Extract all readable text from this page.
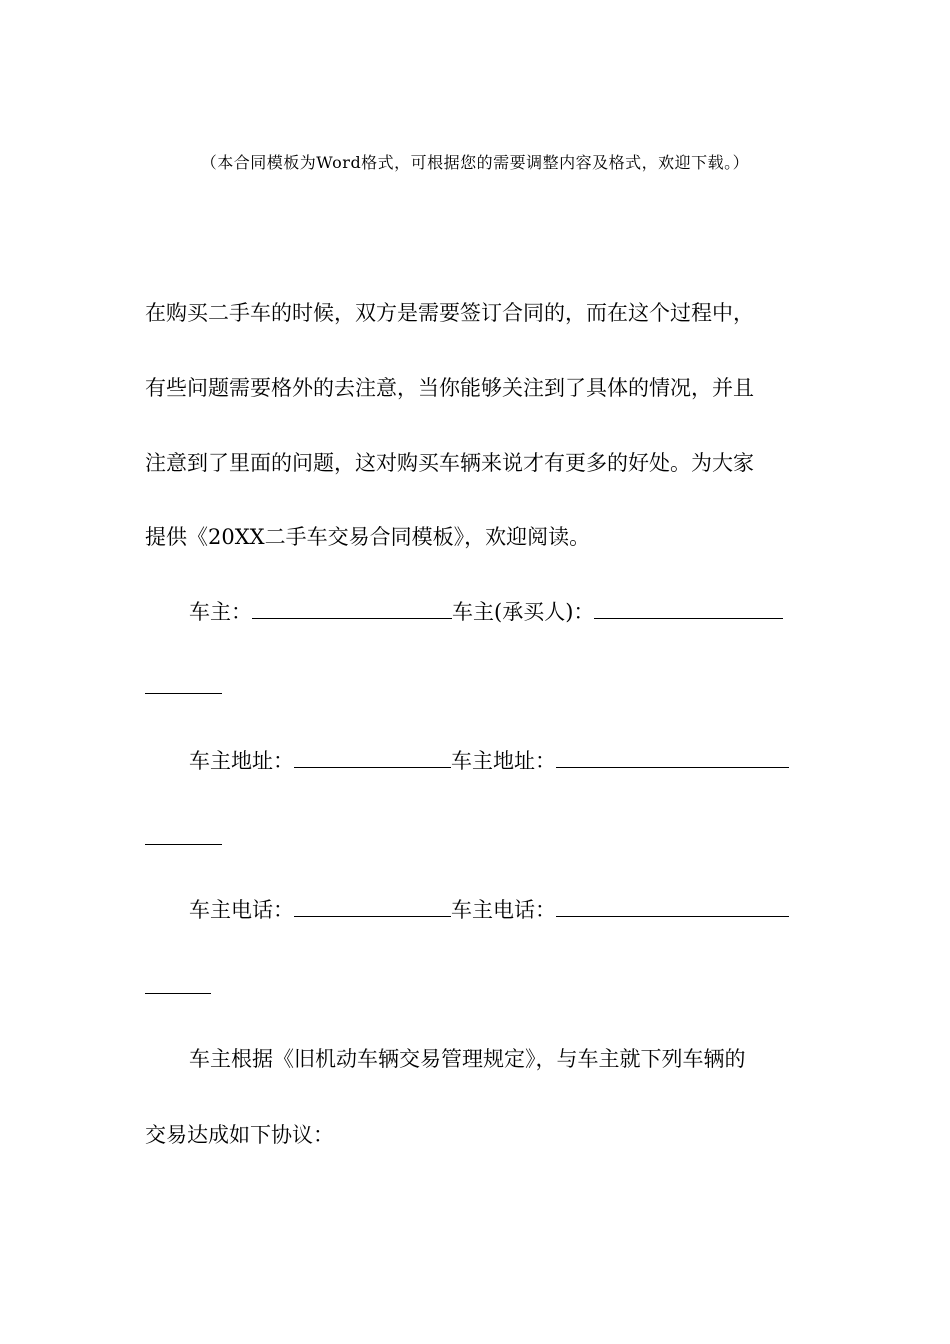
（本合同模板为Word格式，可根据您的需要调整内容及格式，欢迎下载。）
在购买二手车的时候，双方是需要签订合同的，而在这个过程中，
有些问题需要格外的去注意，当你能够关注到了具体的情况，并且
注意到了里面的问题，这对购买车辆来说才有更多的好处。为大家
提供《20XX二手车交易合同模板》，欢迎阅读。
车主：	车主(承买人)：
车主地址：	车主地址：
车主电话：	车主电话：
车主根据《旧机动车辆交易管理规定》，与车主就下列车辆的
交易达成如下协议：
